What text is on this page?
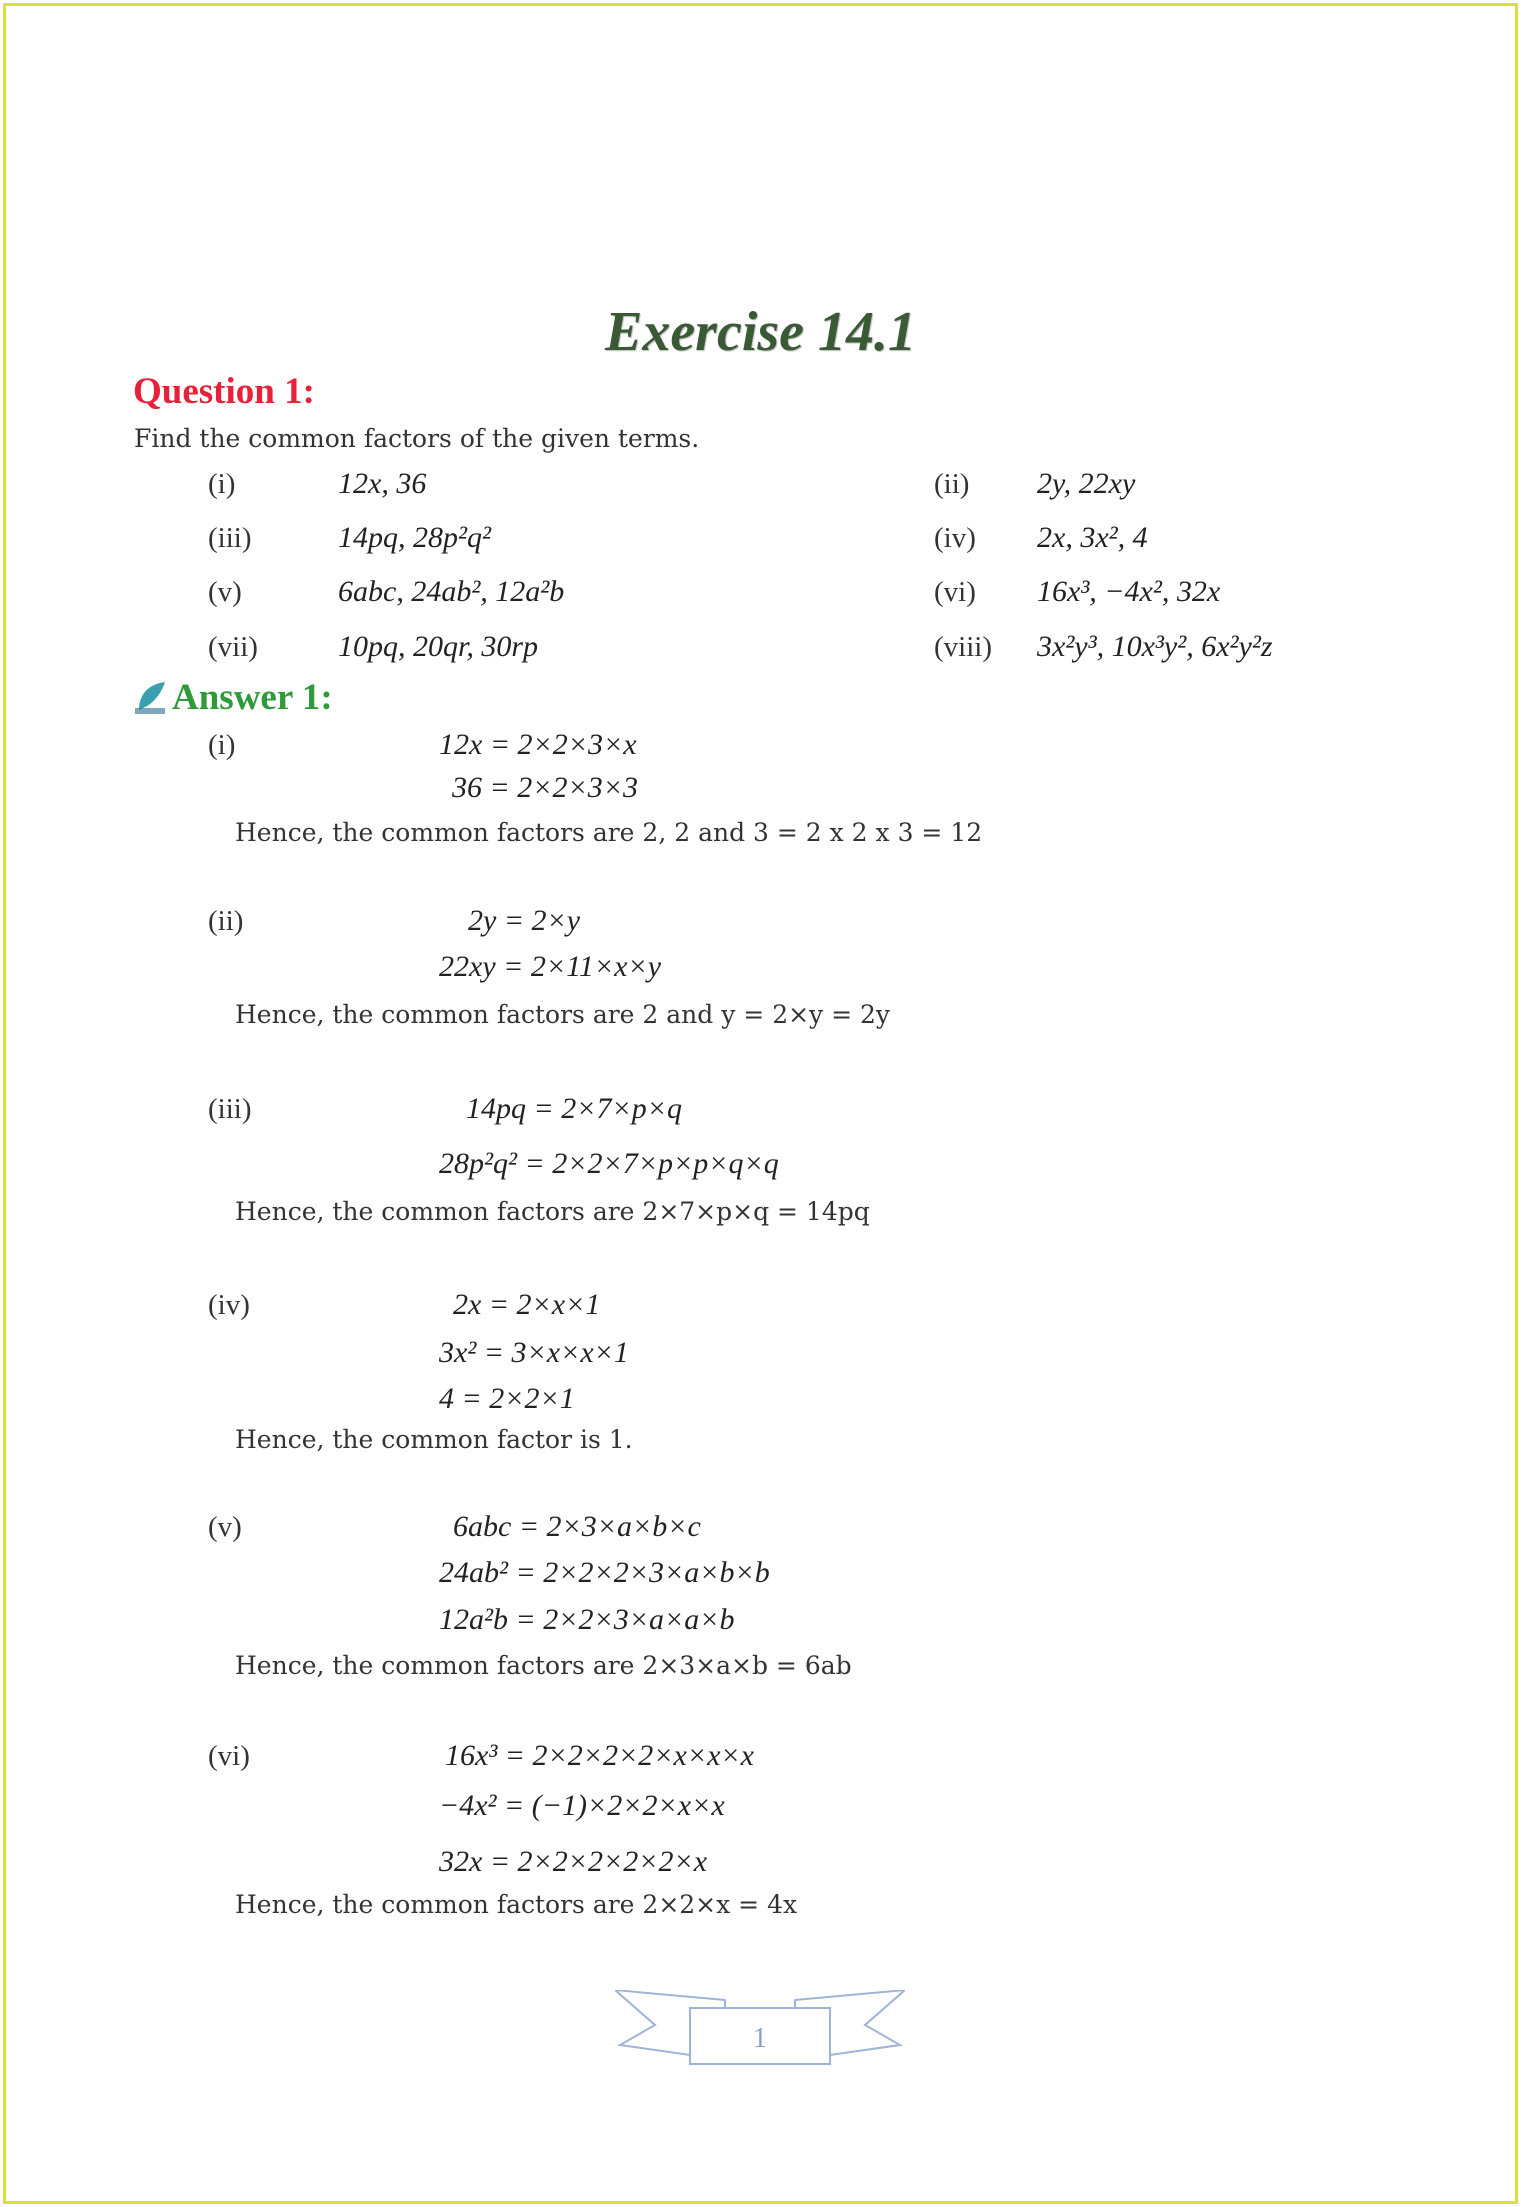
Exercise 14.1
Question 1:
Find the common factors of the given terms.
(i)	12x, 36	(ii) 2y, 22xy
(iii)	14pq, 28p²q²	(iv) 2x, 3x², 4
(v)	6abc, 24ab², 12a²b	(vi) 16x³, −4x², 32x
(vii)	10pq, 20qr, 30rp	(viii) 3x²y³, 10x³y², 6x²y²z
Answer 1:
(i)	12x = 2×2×3×x
36 = 2×2×3×3
Hence, the common factors are 2, 2 and 3 = 2 x 2 x 3 = 12
(ii)	2y = 2×y
22xy = 2×11×x×y
Hence, the common factors are 2 and y = 2×y = 2y
(iii)	14pq = 2×7×p×q
28p²q² = 2×2×7×p×p×q×q
Hence, the common factors are 2×7×p×q = 14pq
(iv)	2x = 2×x×1
3x² = 3×x×x×1
4 = 2×2×1
Hence, the common factor is 1.
(v)	6abc = 2×3×a×b×c
24ab² = 2×2×2×3×a×b×b
12a²b = 2×2×3×a×a×b
Hence, the common factors are 2×3×a×b = 6ab
(vi)	16x³ = 2×2×2×2×x×x×x
−4x² = (−1)×2×2×x×x
32x = 2×2×2×2×2×x
Hence, the common factors are 2×2×x = 4x
1
